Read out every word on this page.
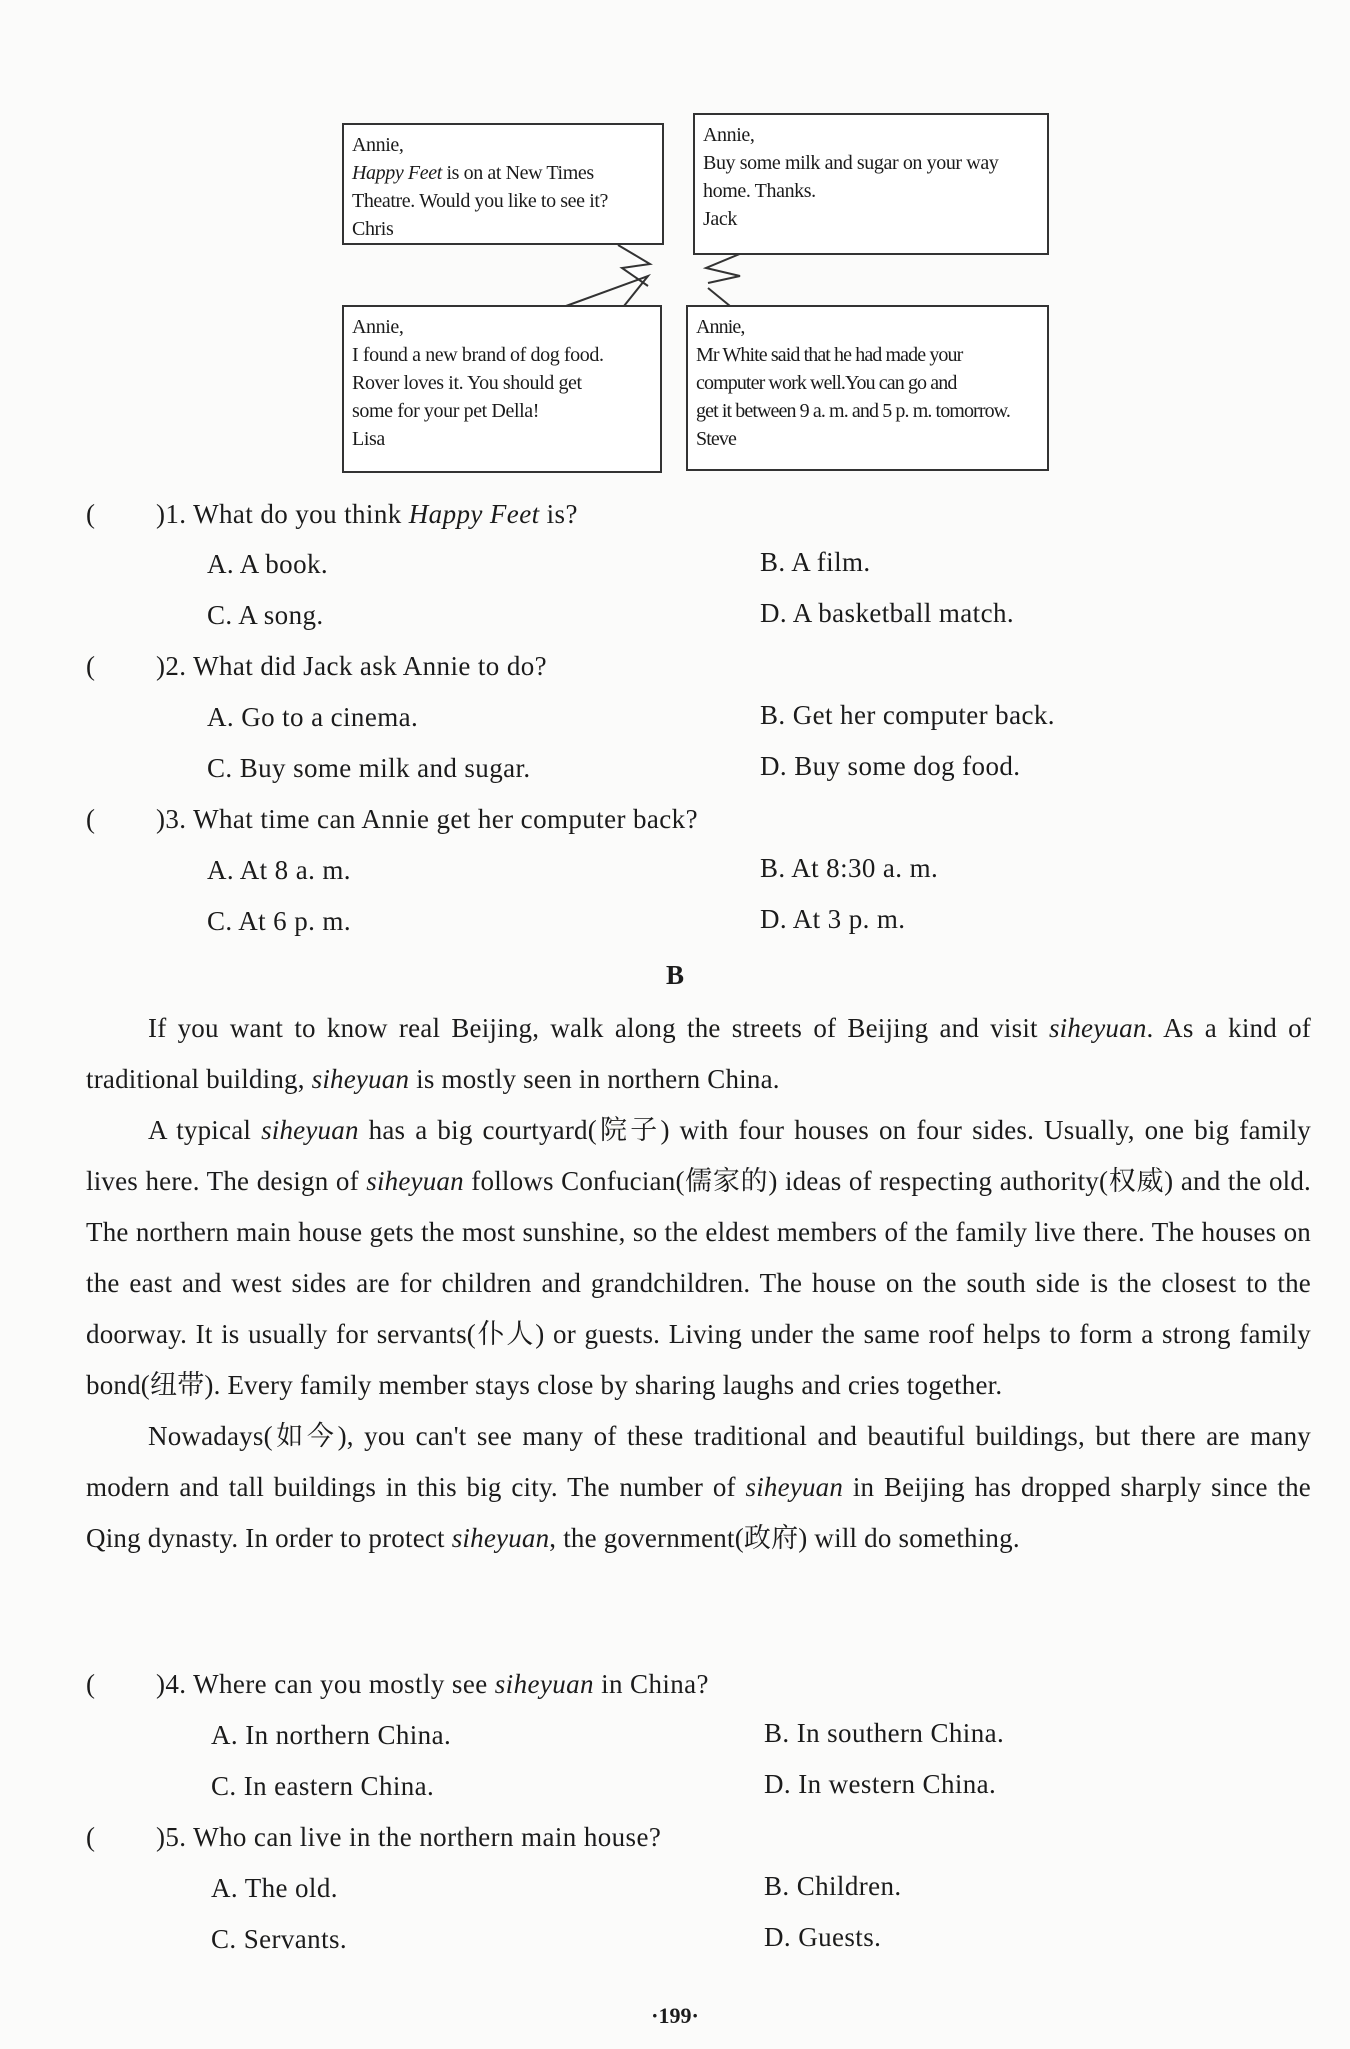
Annie,
Happy Feet is on at New Times
Theatre. Would you like to see it?
Chris
Annie,
Buy some milk and sugar on your way
home. Thanks.
Jack
Annie,
I found a new brand of dog food.
Rover loves it. You should get
some for your pet Della!
Lisa
Annie,
Mr White said that he had made your
computer work well.You can go and
get it between 9 a. m. and 5 p. m. tomorrow.
Steve
( )1. What do you think Happy Feet is?
A. A book.	B. A film.
C. A song.	D. A basketball match.
( )2. What did Jack ask Annie to do?
A. Go to a cinema.	B. Get her computer back.
C. Buy some milk and sugar.	D. Buy some dog food.
( )3. What time can Annie get her computer back?
A. At 8 a. m.	B. At 8:30 a. m.
C. At 6 p. m.	D. At 3 p. m.
B

If you want to know real Beijing, walk along the streets of Beijing and visit siheyuan. As a kind of traditional building, siheyuan is mostly seen in northern China.

A typical siheyuan has a big courtyard(院子) with four houses on four sides. Usually, one big family lives here. The design of siheyuan follows Confucian(儒家的) ideas of respecting authority(权威) and the old. The northern main house gets the most sunshine, so the eldest members of the family live there. The houses on the east and west sides are for children and grandchildren. The house on the south side is the closest to the doorway. It is usually for servants(仆人) or guests. Living under the same roof helps to form a strong family bond(纽带). Every family member stays close by sharing laughs and cries together.

Nowadays(如今), you can't see many of these traditional and beautiful buildings, but there are many modern and tall buildings in this big city. The number of siheyuan in Beijing has dropped sharply since the Qing dynasty. In order to protect siheyuan, the government(政府) will do something.

( )4. Where can you mostly see siheyuan in China?
A. In northern China.	B. In southern China.
C. In eastern China.	D. In western China.
( )5. Who can live in the northern main house?
A. The old.	B. Children.
C. Servants.	D. Guests.
·199·
